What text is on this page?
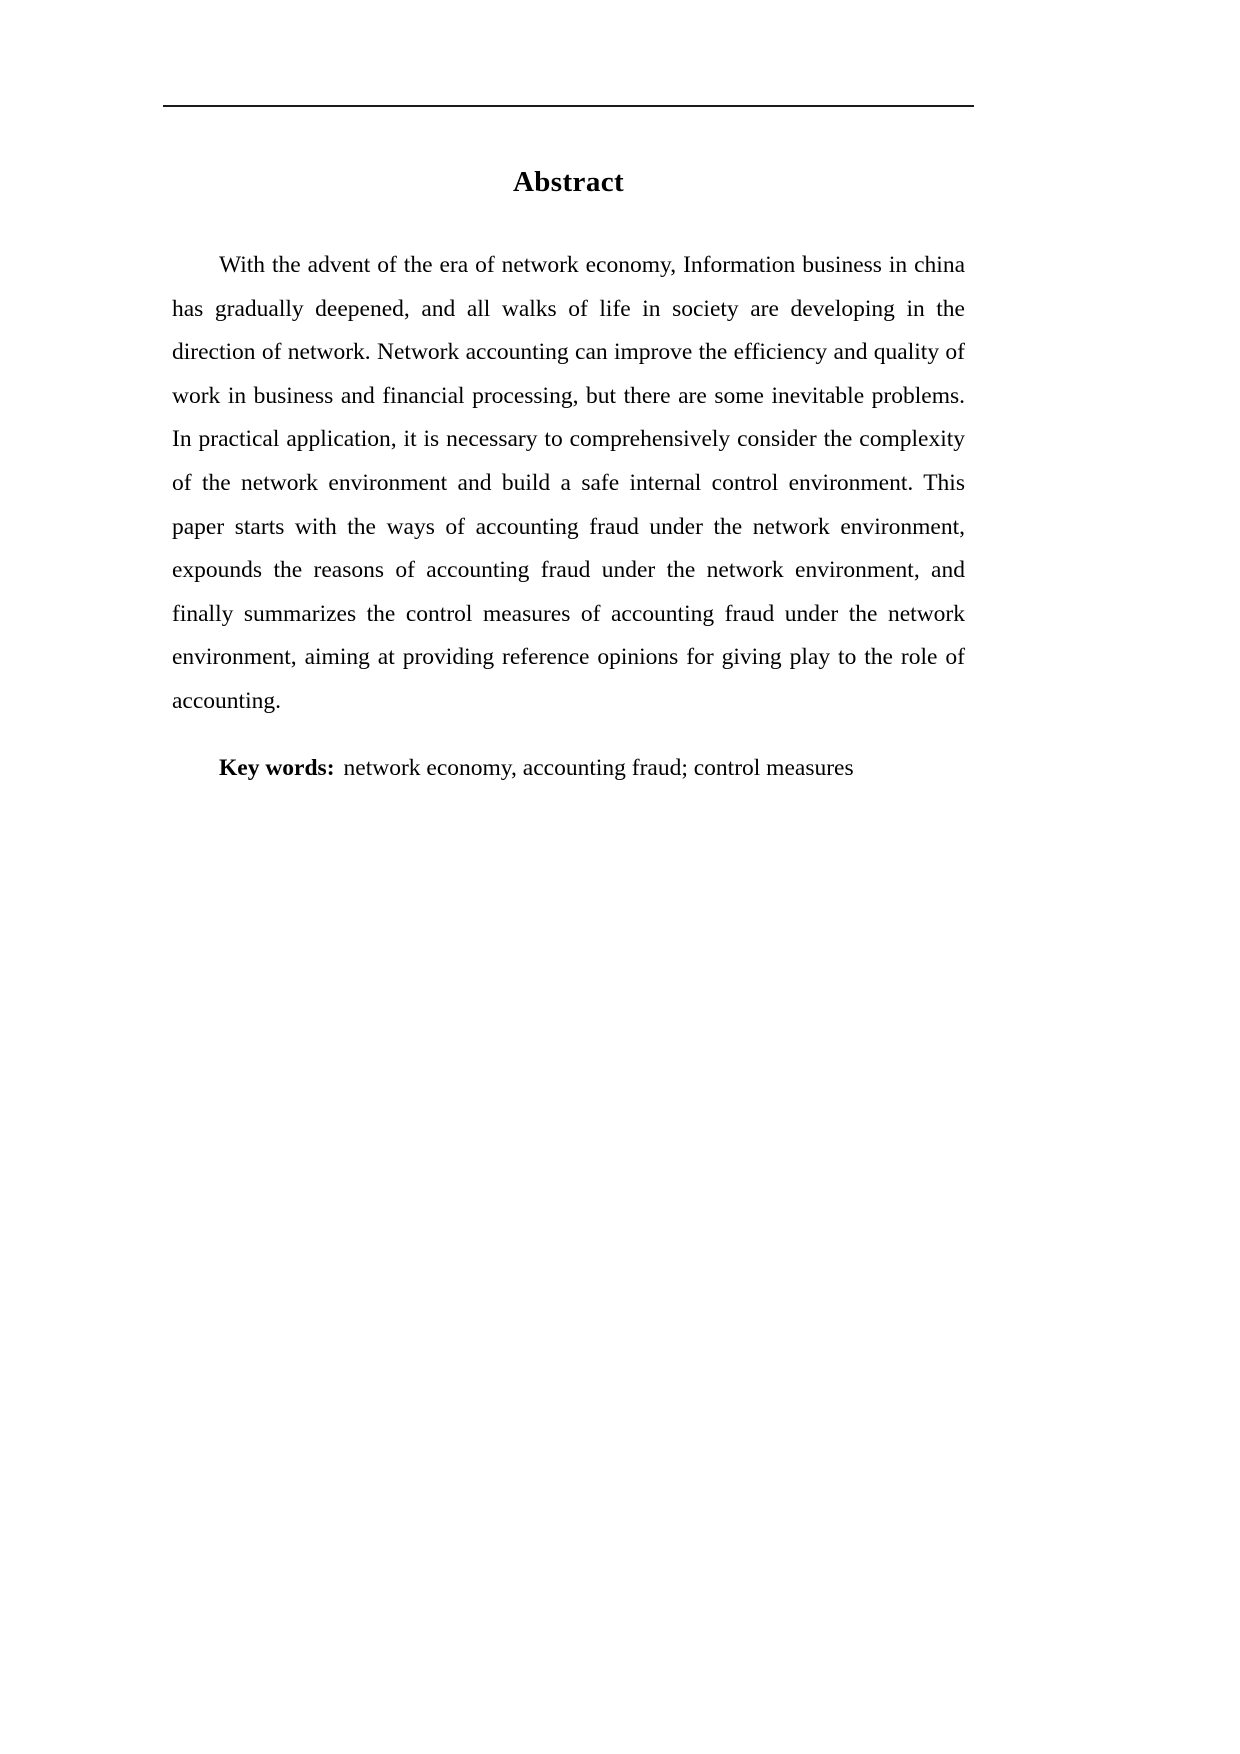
Abstract

With the advent of the era of network economy, Information business in china has gradually deepened, and all walks of life in society are developing in the direction of network. Network accounting can improve the efficiency and quality of work in business and financial processing, but there are some inevitable problems. In practical application, it is necessary to comprehensively consider the complexity of the network environment and build a safe internal control environment. This paper starts with the ways of accounting fraud under the network environment, expounds the reasons of accounting fraud under the network environment, and finally summarizes the control measures of accounting fraud under the network environment, aiming at providing reference opinions for giving play to the role of accounting.

Key words: network economy, accounting fraud; control measures
